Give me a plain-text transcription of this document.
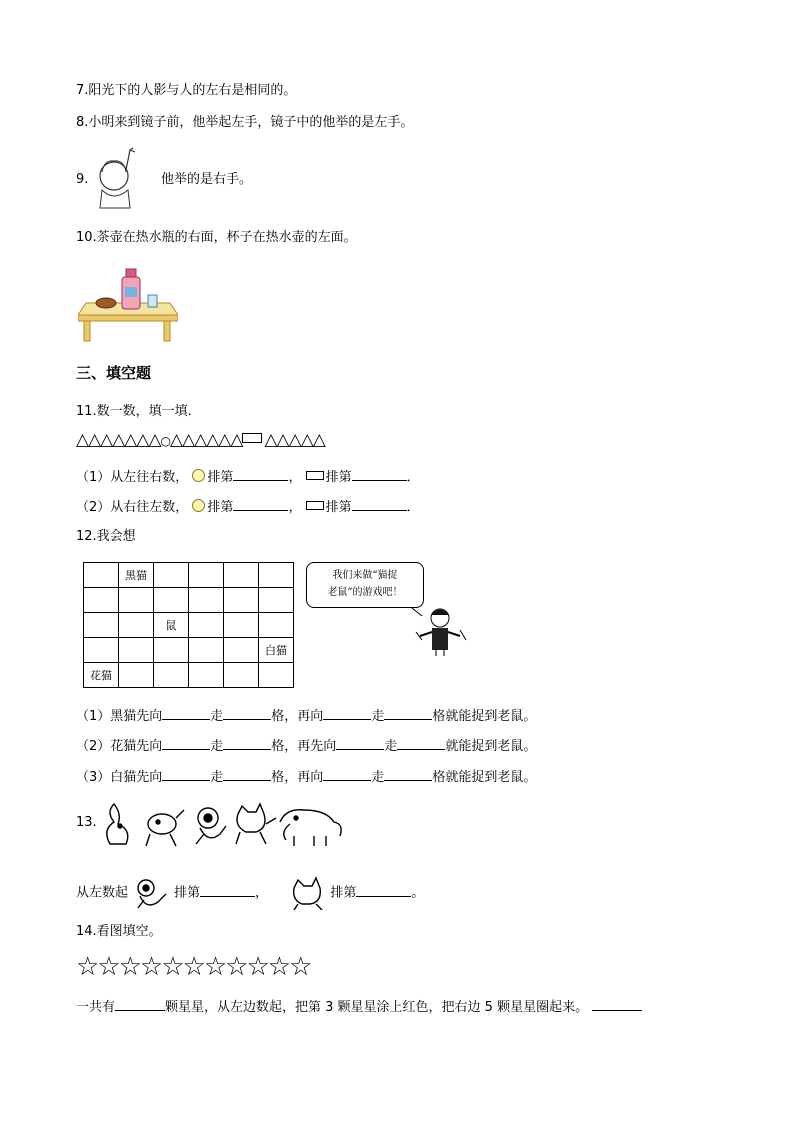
7.阳光下的人影与人的左右是相同的。
8.小明来到镜子前，他举起左手，镜子中的他举的是左手。
9.	他举的是右手。
10.茶壶在热水瓶的右面，杯子在热水壶的左面。
三、填空题
11.数一数，填一填．
△△△△△△△○△△△△△△ △△△△△
（1）从左往右数， 排第	， 排第	．
（2）从右往左数， 排第	， 排第	．
12.我会想
	黑猫				

		鼠			
					白猫
花猫					
我们来做“猫捉
老鼠”的游戏吧！
（1）黑猫先向	走	格，再向	走	格就能捉到老鼠。
（2）花猫先向	走	格，再先向	走	就能捉到老鼠。
（3）白猫先向	走	格，再向	走	格就能捉到老鼠。
13.
从左数起	排第	，	排第	。
14.看图填空。
☆☆☆☆☆☆☆☆☆☆☆
一共有	颗星星，从左边数起，把第 3 颗星星涂上红色，把右边 5 颗星星圈起来。
